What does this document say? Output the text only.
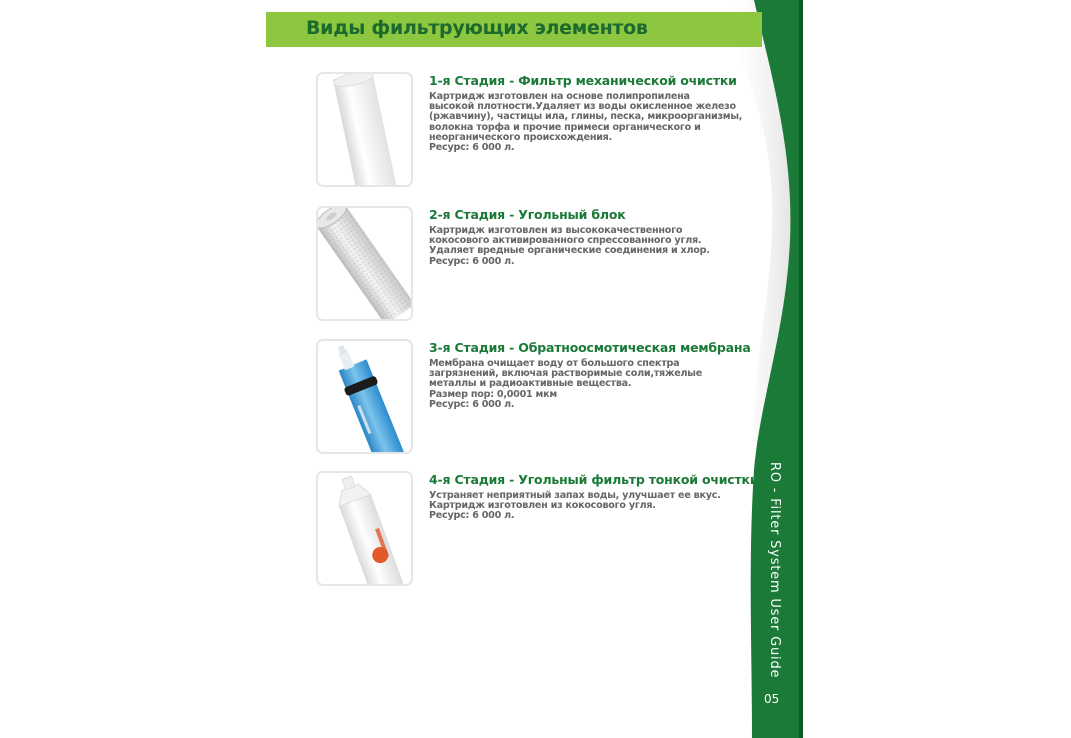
Виды фильтрующих элементов
1-я Стадия - Фильтр механической очистки
Картридж изготовлен на основе полипропилена
высокой плотности.Удаляет из воды окисленное железо
(ржавчину), частицы ила, глины, песка, микроорганизмы,
волокна торфа и прочие примеси органического и
неорганического происхождения.
Ресурс: 6 000 л.
2-я Стадия - Угольный блок
Картридж изготовлен из высококачественного
кокосового активированного спрессованного угля.
Удаляет вредные органические соединения и хлор.
Ресурс: 6 000 л.
3-я Стадия - Обратноосмотическая мембрана
Мембрана очищает воду от большого спектра
загрязнений, включая растворимые соли,тяжелые
металлы и радиоактивные вещества.
Размер пор: 0,0001 мкм
Ресурс: 6 000 л.
4-я Стадия - Угольный фильтр тонкой очистки
Устраняет неприятный запах воды, улучшает ее вкус.
Картридж изготовлен из кокосового угля.
Ресурс: 6 000 л.	RO - Filter System User Guide
05
